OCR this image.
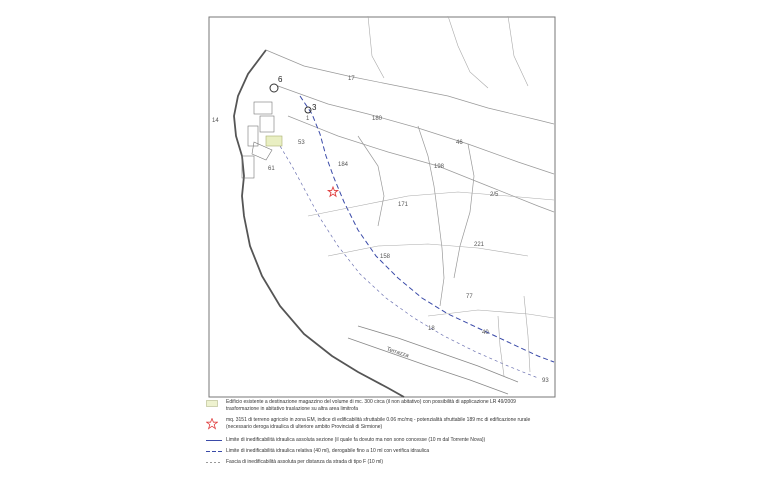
6
3
1
14	180
46
184	198
171
2/5
221
158
77
40
93
18
17
53
61
Terrazza
Edificio esistente a destinazione magazzino del volume di mc. 300 circa (il non abitativo) con possibilità di applicazione LR 49/2009 trasformazione in abitativo traslazione su altra area limitrofa
mq. 3151 di terreno agricolo in zona EM, indice di edificabilità sfruttabile 0.06 mc/mq - potenzialità sfruttabile 189 mc di edificazione rurale (necessario deroga idraulica di ulteriore ambito Provinciali di Sirmione)
Limite di inedificabilità idraulica assoluta sezione (il quale fa dovuto ma non sono concesse (10 m dal Torrente Nova))
Limite di inedificabilità idraulica relativa (40 ml), derogabile fino a 10 ml con verifica idraulica
Fascia di inedificabilità assoluta per distanza da strada di tipo F (10 ml)
